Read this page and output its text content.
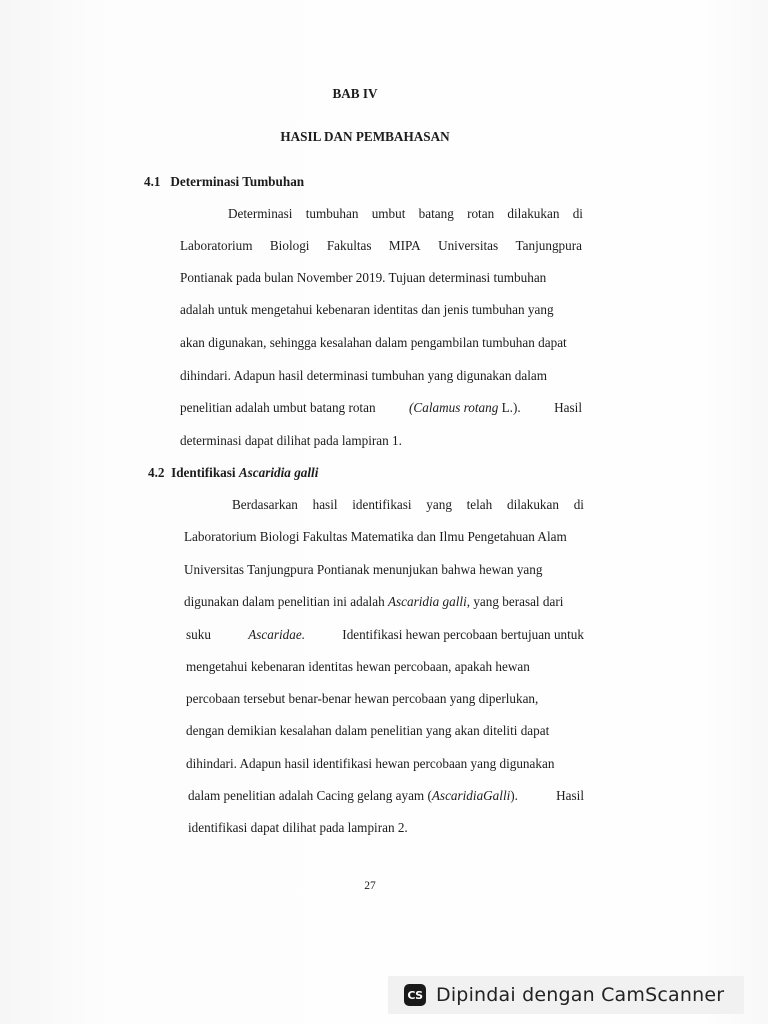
BAB IV
HASIL DAN PEMBAHASAN
4.1 Determinasi Tumbuhan
Determinasi tumbuhan umbut batang rotan dilakukan di
Laboratorium Biologi Fakultas MIPA Universitas Tanjungpura
Pontianak pada bulan November 2019. Tujuan determinasi tumbuhan
adalah untuk mengetahui kebenaran identitas dan jenis tumbuhan yang
akan digunakan, sehingga kesalahan dalam pengambilan tumbuhan dapat
dihindari. Adapun hasil determinasi tumbuhan yang digunakan dalam
penelitian adalah umbut batang rotan	(Calamus rotang L.).	Hasil
determinasi dapat dilihat pada lampiran 1.
4.2 Identifikasi Ascaridia galli
Berdasarkan hasil identifikasi yang telah dilakukan di
Laboratorium Biologi Fakultas Matematika dan Ilmu Pengetahuan Alam
Universitas Tanjungpura Pontianak menunjukan bahwa hewan yang
digunakan dalam penelitian ini adalah Ascaridia galli, yang berasal dari
suku	Ascaridae.	Identifikasi hewan percobaan bertujuan untuk
mengetahui kebenaran identitas hewan percobaan, apakah hewan
percobaan tersebut benar-benar hewan percobaan yang diperlukan,
dengan demikian kesalahan dalam penelitian yang akan diteliti dapat
dihindari. Adapun hasil identifikasi hewan percobaan yang digunakan
dalam penelitian adalah Cacing gelang ayam (AscaridiaGalli).	Hasil
identifikasi dapat dilihat pada lampiran 2.
27
CS Dipindai dengan CamScanner
